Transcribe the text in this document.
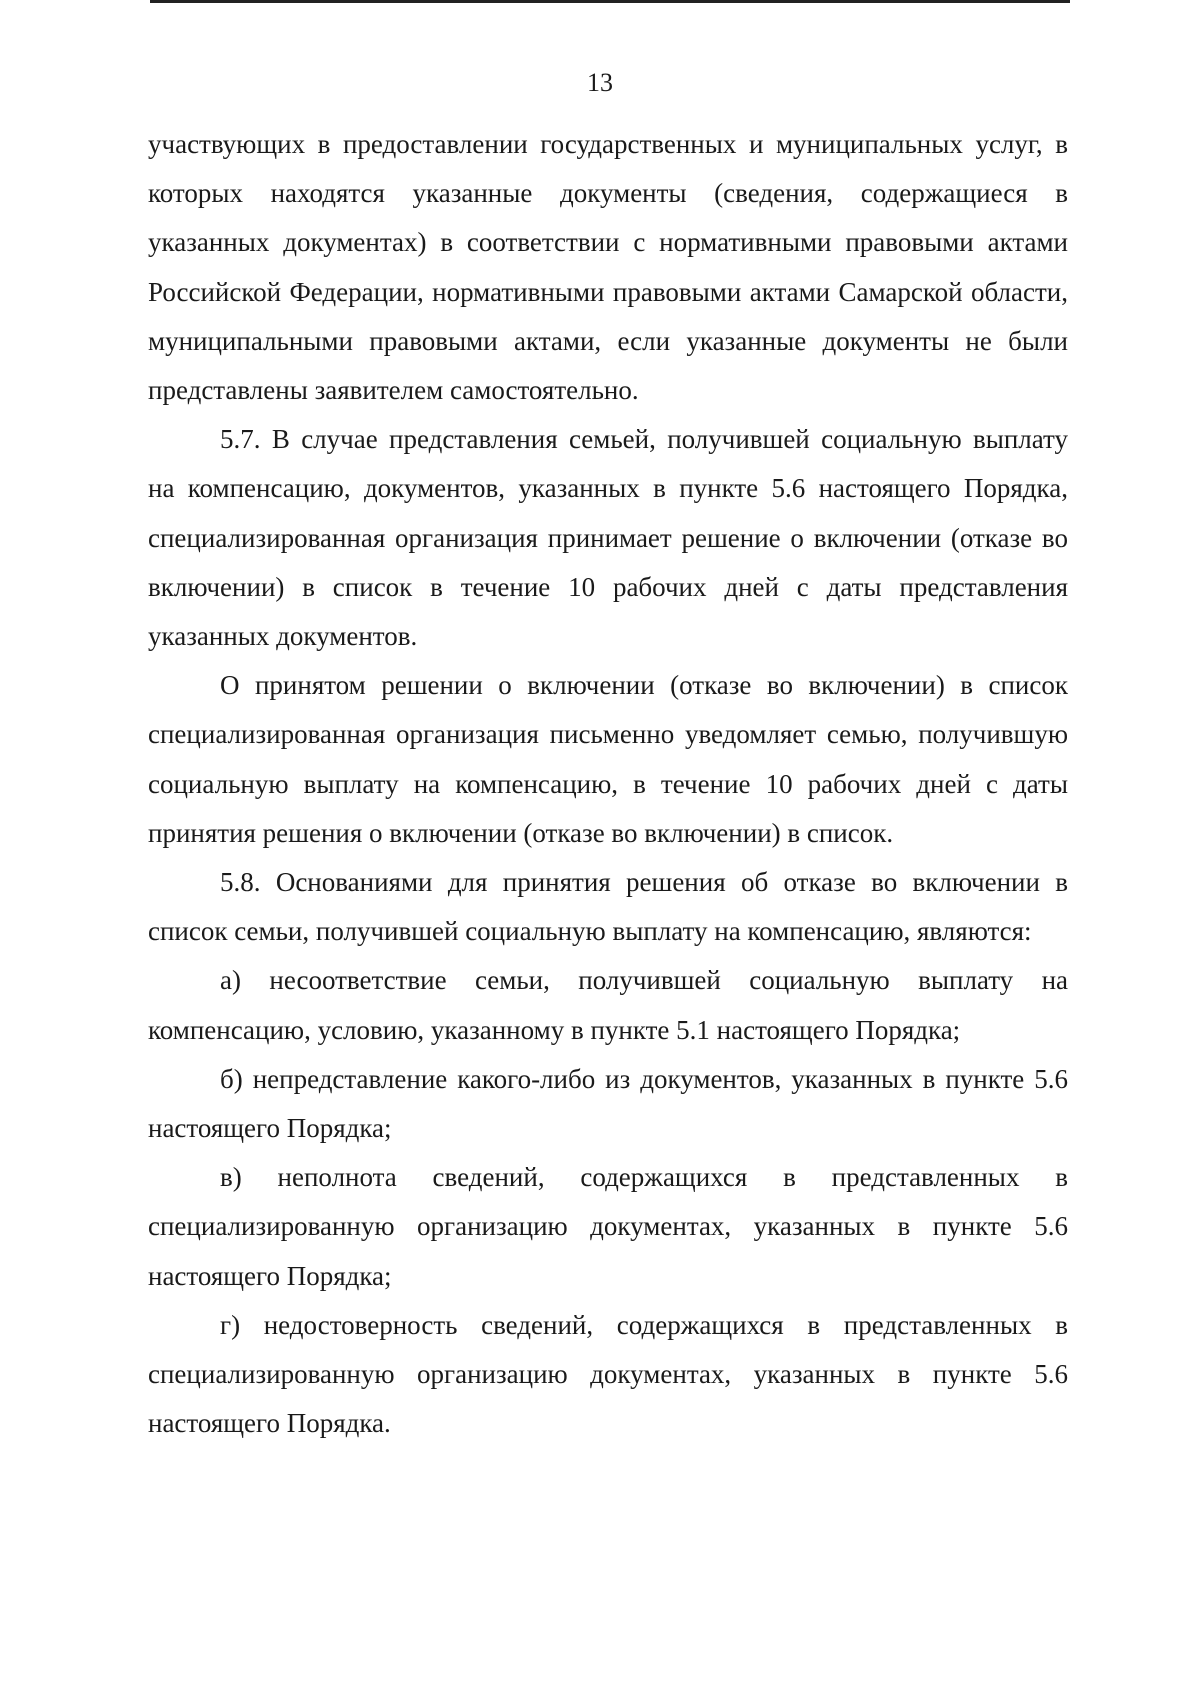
13

участвующих в предоставлении государственных и муниципальных услуг, в которых находятся указанные документы (сведения, содержащиеся в указанных документах) в соответствии с нормативными правовыми актами Российской Федерации, нормативными правовыми актами Самарской области, муниципальными правовыми актами, если указанные документы не были представлены заявителем самостоятельно.

5.7. В случае представления семьей, получившей социальную выплату на компенсацию, документов, указанных в пункте 5.6 настоящего Порядка, специализированная организация принимает решение о включении (отказе во включении) в список в течение 10 рабочих дней с даты представления указанных документов.

О принятом решении о включении (отказе во включении) в список специализированная организация письменно уведомляет семью, получившую социальную выплату на компенсацию, в течение 10 рабочих дней с даты принятия решения о включении (отказе во включении) в список.

5.8. Основаниями для принятия решения об отказе во включении в список семьи, получившей социальную выплату на компенсацию, являются:

а) несоответствие семьи, получившей социальную выплату на компенсацию, условию, указанному в пункте 5.1 настоящего Порядка;

б) непредставление какого-либо из документов, указанных в пункте 5.6 настоящего Порядка;

в) неполнота сведений, содержащихся в представленных в специализированную организацию документах, указанных в пункте 5.6 настоящего Порядка;

г) недостоверность сведений, содержащихся в представленных в специализированную организацию документах, указанных в пункте 5.6 настоящего Порядка.
